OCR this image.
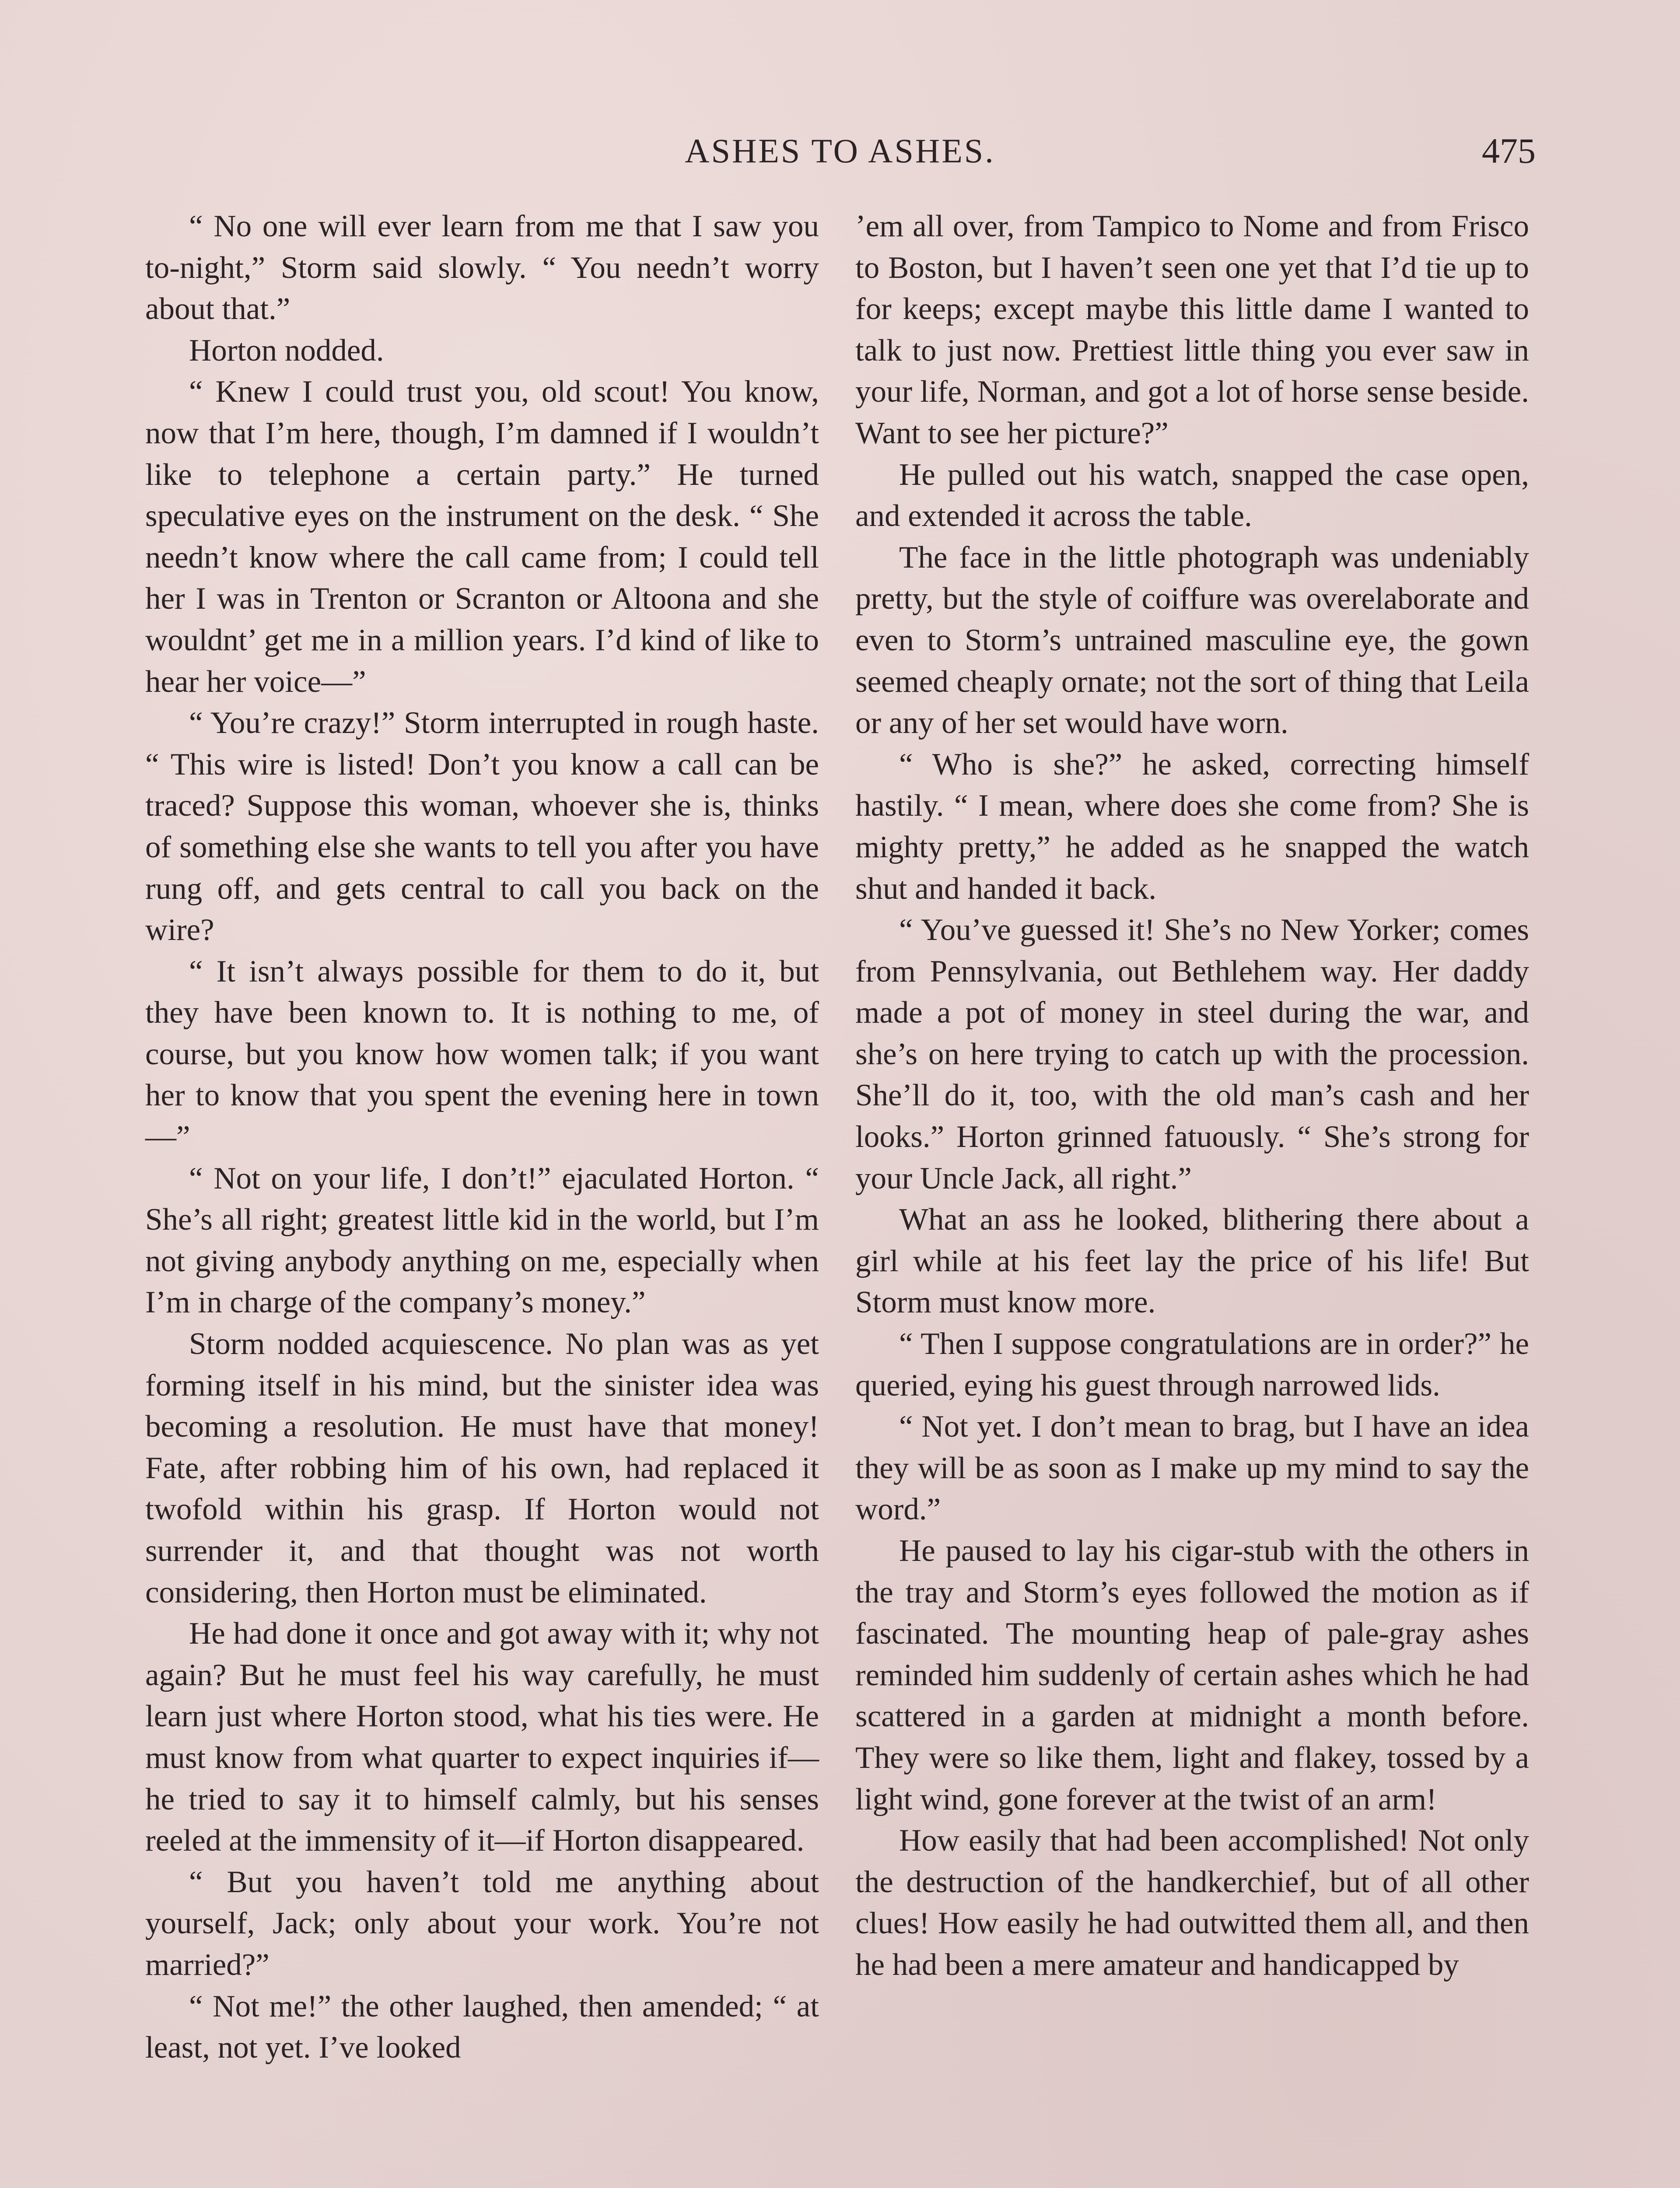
ASHES TO ASHES.	475

“ No one will ever learn from me that I saw you to-night,” Storm said slowly. “ You needn’t worry about that.”

Horton nodded.

“ Knew I could trust you, old scout! You know, now that I’m here, though, I’m damned if I wouldn’t like to telephone a certain party.” He turned speculative eyes on the instrument on the desk. “ She needn’t know where the call came from; I could tell her I was in Trenton or Scranton or Altoona and she wouldnt’ get me in a million years. I’d kind of like to hear her voice—”

“ You’re crazy!” Storm interrupted in rough haste. “ This wire is listed! Don’t you know a call can be traced? Suppose this woman, whoever she is, thinks of something else she wants to tell you after you have rung off, and gets central to call you back on the wire?

“ It isn’t always possible for them to do it, but they have been known to. It is nothing to me, of course, but you know how women talk; if you want her to know that you spent the evening here in town—”

“ Not on your life, I don’t!” ejaculated Horton. “ She’s all right; greatest little kid in the world, but I’m not giving anybody anything on me, especially when I’m in charge of the company’s money.”

Storm nodded acquiescence. No plan was as yet forming itself in his mind, but the sinister idea was becoming a resolution. He must have that money! Fate, after robbing him of his own, had replaced it twofold within his grasp. If Horton would not surrender it, and that thought was not worth considering, then Horton must be eliminated.

He had done it once and got away with it; why not again? But he must feel his way carefully, he must learn just where Horton stood, what his ties were. He must know from what quarter to expect inquiries if—he tried to say it to himself calmly, but his senses reeled at the immensity of it—if Horton disappeared.

“ But you haven’t told me anything about yourself, Jack; only about your work. You’re not married?”

“ Not me!” the other laughed, then amended; “ at least, not yet. I’ve looked

’em all over, from Tampico to Nome and from Frisco to Boston, but I haven’t seen one yet that I’d tie up to for keeps; except maybe this little dame I wanted to talk to just now. Prettiest little thing you ever saw in your life, Norman, and got a lot of horse sense beside. Want to see her picture?”

He pulled out his watch, snapped the case open, and extended it across the table.

The face in the little photograph was undeniably pretty, but the style of coiffure was overelaborate and even to Storm’s untrained masculine eye, the gown seemed cheaply ornate; not the sort of thing that Leila or any of her set would have worn.

“ Who is she?” he asked, correcting himself hastily. “ I mean, where does she come from? She is mighty pretty,” he added as he snapped the watch shut and handed it back.

“ You’ve guessed it! She’s no New Yorker; comes from Pennsylvania, out Bethlehem way. Her daddy made a pot of money in steel during the war, and she’s on here trying to catch up with the procession. She’ll do it, too, with the old man’s cash and her looks.” Horton grinned fatuously. “ She’s strong for your Uncle Jack, all right.”

What an ass he looked, blithering there about a girl while at his feet lay the price of his life! But Storm must know more.

“ Then I suppose congratulations are in order?” he queried, eying his guest through narrowed lids.

“ Not yet. I don’t mean to brag, but I have an idea they will be as soon as I make up my mind to say the word.”

He paused to lay his cigar-stub with the others in the tray and Storm’s eyes followed the motion as if fascinated. The mounting heap of pale-gray ashes reminded him suddenly of certain ashes which he had scattered in a garden at midnight a month before. They were so like them, light and flakey, tossed by a light wind, gone forever at the twist of an arm!

How easily that had been accomplished! Not only the destruction of the handkerchief, but of all other clues! How easily he had outwitted them all, and then he had been a mere amateur and handicapped by
